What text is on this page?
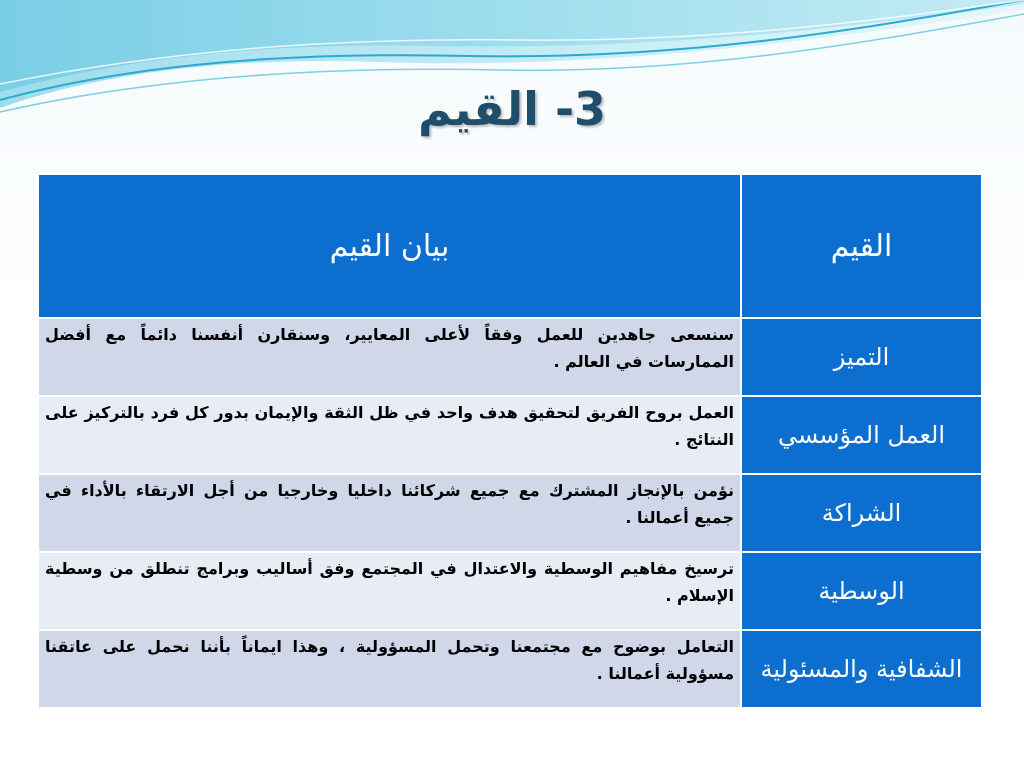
3- القيم
القيم	بيان القيم
التميز	سنسعى جاهدين للعمل وفقاً لأعلى المعايير، وسنقارن أنفسنا دائماً مع أفضل الممارسات في العالم .
العمل المؤسسي	العمل بروح الفريق لتحقيق هدف واحد في ظل الثقة والإيمان بدور كل فرد بالتركيز على النتائج .
الشراكة	نؤمن بالإنجاز المشترك مع جميع شركائنا داخليا وخارجيا من أجل الارتقاء بالأداء في جميع أعمالنا .
الوسطية	ترسيخ مفاهيم الوسطية والاعتدال في المجتمع وفق أساليب وبرامج تنطلق من وسطية الإسلام .
الشفافية والمسئولية	التعامل بوضوح مع مجتمعنا وتحمل المسؤولية ، وهذا ايماناً بأننا نحمل على عاتقنا مسؤولية أعمالنا .
